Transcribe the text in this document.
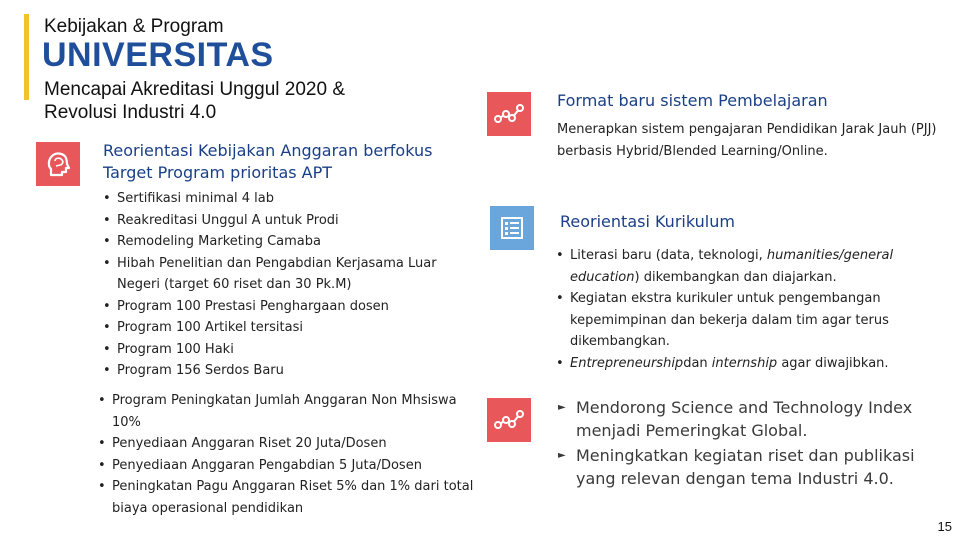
Kebijakan & Program
UNIVERSITAS
Mencapai Akreditasi Unggul 2020 & Revolusi Industri 4.0
Reorientasi Kebijakan Anggaran berfokus Target Program prioritas APT
• Sertifikasi minimal 4 lab
• Reakreditasi Unggul A untuk Prodi
• Remodeling Marketing Camaba
• Hibah Penelitian dan Pengabdian Kerjasama Luar Negeri (target 60 riset dan 30 Pk.M)
• Program 100 Prestasi Penghargaan dosen
• Program 100 Artikel tersitasi
• Program 100 Haki
• Program 156 Serdos Baru
• Program Peningkatan Jumlah Anggaran Non Mhsiswa 10%
• Penyediaan Anggaran Riset 20 Juta/Dosen
• Penyediaan Anggaran Pengabdian 5 Juta/Dosen
• Peningkatan Pagu Anggaran Riset 5% dan 1% dari total biaya operasional pendidikan
Format baru sistem Pembelajaran
Menerapkan sistem pengajaran Pendidikan Jarak Jauh (PJJ) berbasis Hybrid/Blended Learning/Online.
Reorientasi Kurikulum
• Literasi baru (data, teknologi, humanities/general education) dikembangkan dan diajarkan.
• Kegiatan ekstra kurikuler untuk pengembangan kepemimpinan dan bekerja dalam tim agar terus dikembangkan.
• Entrepreneurshipdan internship agar diwajibkan.
► Mendorong Science and Technology Index menjadi Pemeringkat Global.
► Meningkatkan kegiatan riset dan publikasi yang relevan dengan tema Industri 4.0.
15
